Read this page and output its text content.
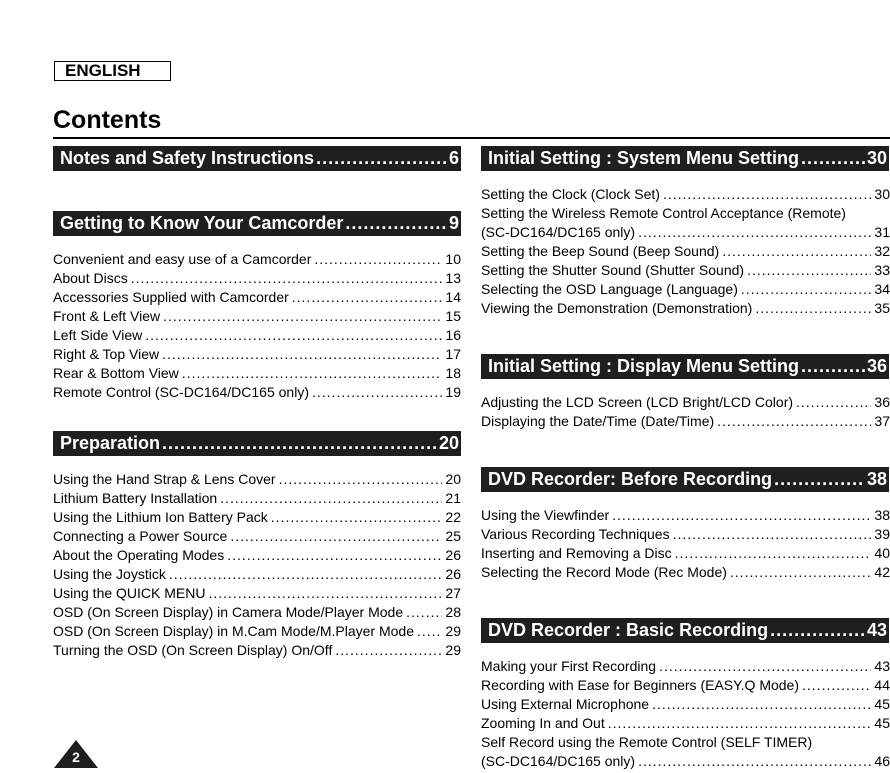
ENGLISH
Contents
Notes and Safety Instructions .....	6
Getting to Know Your Camcorder .....	9
Convenient and easy use of a Camcorder .....	10
About Discs .....	13
Accessories Supplied with Camcorder .....	14
Front & Left View .....	15
Left Side View .....	16
Right & Top View .....	17
Rear & Bottom View .....	18
Remote Control (SC-DC164/DC165 only) .....	19
Preparation .....	20
Using the Hand Strap & Lens Cover .....	20
Lithium Battery Installation .....	21
Using the Lithium Ion Battery Pack .....	22
Connecting a Power Source .....	25
About the Operating Modes .....	26
Using the Joystick .....	26
Using the QUICK MENU .....	27
OSD (On Screen Display) in Camera Mode/Player Mode .....	28
OSD (On Screen Display) in M.Cam Mode/M.Player Mode ..... 29
Turning the OSD (On Screen Display) On/Off .....	29
Initial Setting : System Menu Setting .....	30
Setting the Clock (Clock Set) .....	30
Setting the Wireless Remote Control Acceptance (Remote)
(SC-DC164/DC165 only) .....	31
Setting the Beep Sound (Beep Sound) .....	32
Setting the Shutter Sound (Shutter Sound) .....	33
Selecting the OSD Language (Language) .....	34
Viewing the Demonstration (Demonstration) .....	35
Initial Setting : Display Menu Setting .....	36
Adjusting the LCD Screen (LCD Bright/LCD Color) .....	36
Displaying the Date/Time (Date/Time) .....	37
DVD Recorder: Before Recording .....	38
Using the Viewfinder .....	38
Various Recording Techniques .....	39
Inserting and Removing a Disc .....	40
Selecting the Record Mode (Rec Mode) .....	42
DVD Recorder : Basic Recording .....	43
Making your First Recording .....	43
Recording with Ease for Beginners (EASY.Q Mode) .....	44
Using External Microphone .....	45
Zooming In and Out .....	45
Self Record using the Remote Control (SELF TIMER)
(SC-DC164/DC165 only) .....	46
2
